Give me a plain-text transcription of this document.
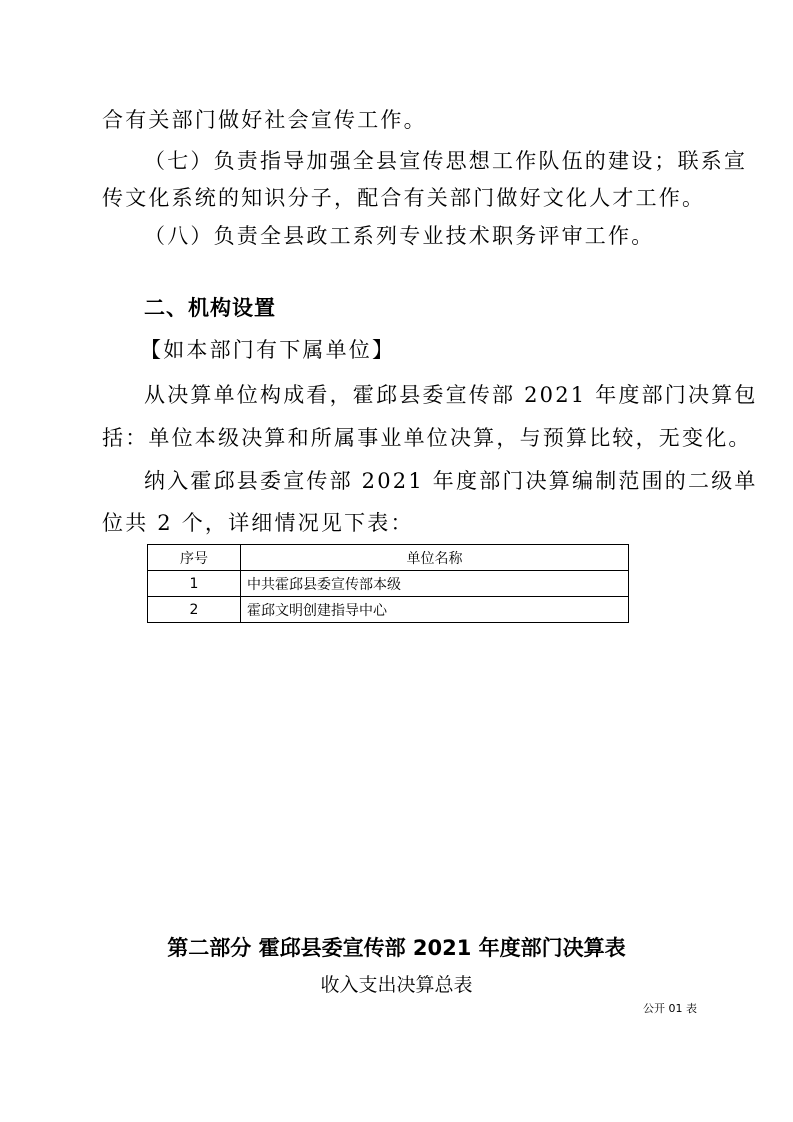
合有关部门做好社会宣传工作。
（七）负责指导加强全县宣传思想工作队伍的建设；联系宣
传文化系统的知识分子，配合有关部门做好文化人才工作。
（八）负责全县政工系列专业技术职务评审工作。
二、机构设置
【如本部门有下属单位】
从决算单位构成看，霍邱县委宣传部 2021 年度部门决算包
括：单位本级决算和所属事业单位决算，与预算比较，无变化。
纳入霍邱县委宣传部 2021 年度部门决算编制范围的二级单
位共 2 个，详细情况见下表：
序号	单位名称
1	中共霍邱县委宣传部本级
2	霍邱文明创建指导中心
第二部分 霍邱县委宣传部 2021 年度部门决算表
收入支出决算总表
公开 01 表
